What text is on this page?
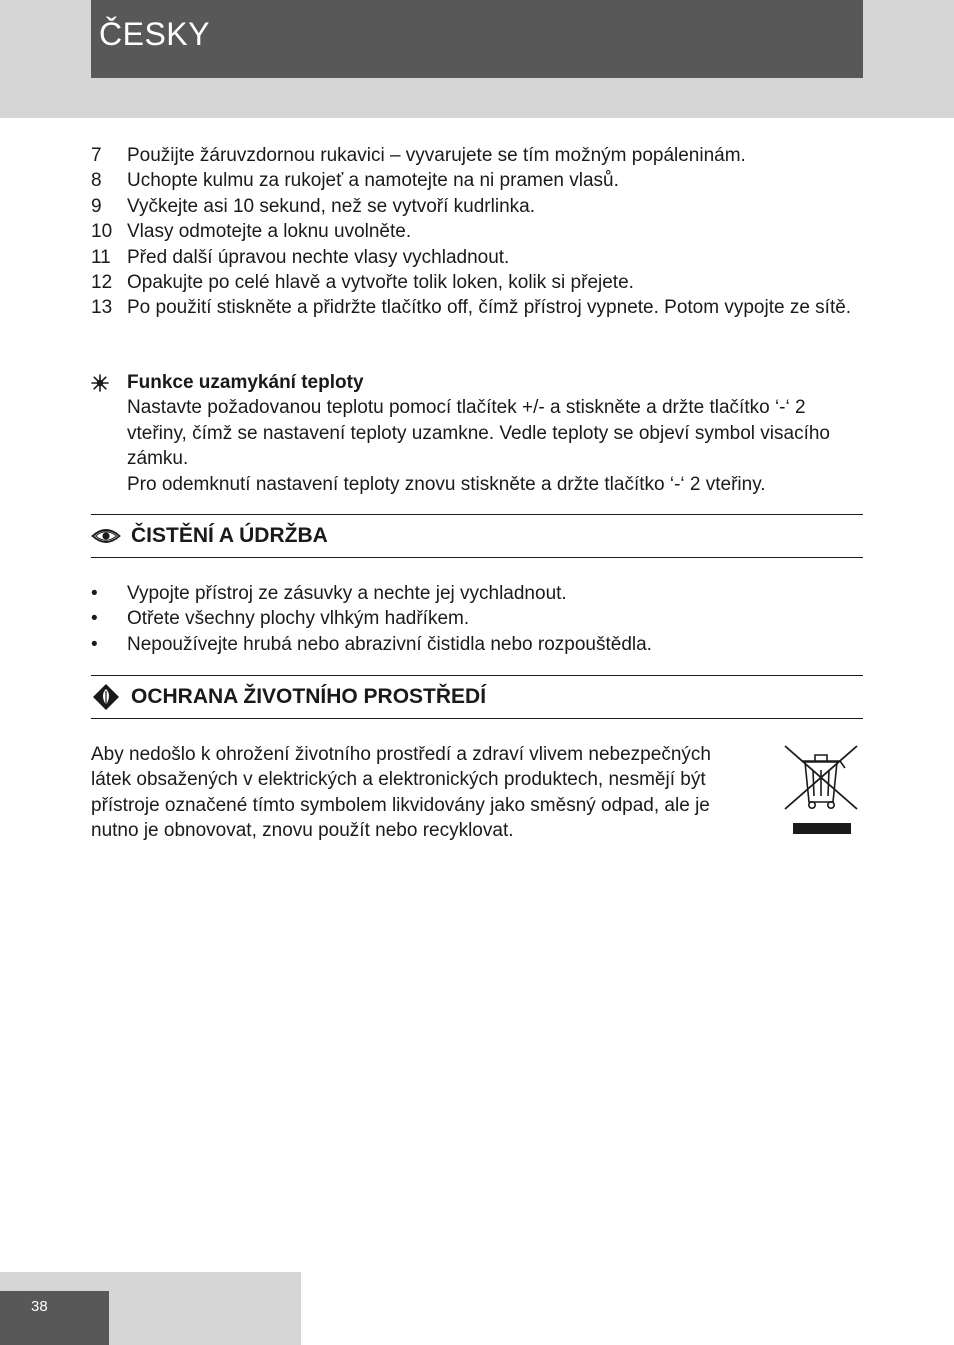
ČESKY
7	Použijte žáruvzdornou rukavici – vyvarujete se tím možným popáleninám.
8	Uchopte kulmu za rukojeť a namotejte na ni pramen vlasů.
9	Vyčkejte asi 10 sekund, než se vytvoří kudrlinka.
10 Vlasy odmotejte a loknu uvolněte.
11 Před další úpravou nechte vlasy vychladnout.
12 Opakujte po celé hlavě a vytvořte tolik loken, kolik si přejete.
13 Po použití stiskněte a přidržte tlačítko off, čímž přístroj vypnete. Potom vypojte ze sítě.
Funkce uzamykání teploty
Nastavte požadovanou teplotu pomocí tlačítek +/- a stiskněte a držte tlačítko ‘-‘ 2 vteřiny, čímž se nastavení teploty uzamkne. Vedle teploty se objeví symbol visacího zámku.
Pro odemknutí nastavení teploty znovu stiskněte a držte tlačítko ‘-‘ 2 vteřiny.
ČISTĚNÍ A ÚDRŽBA
•	Vypojte přístroj ze zásuvky a nechte jej vychladnout.
•	Otřete všechny plochy vlhkým hadříkem.
•	Nepoužívejte hrubá nebo abrazivní čistidla nebo rozpouštědla.
OCHRANA ŽIVOTNÍHO PROSTŘEDÍ
Aby nedošlo k ohrožení životního prostředí a zdraví vlivem nebezpečných látek obsažených v elektrických a elektronických produktech, nesmějí být přístroje označené tímto symbolem likvidovány jako směsný odpad, ale je nutno je obnovovat, znovu použít nebo recyklovat.
38
